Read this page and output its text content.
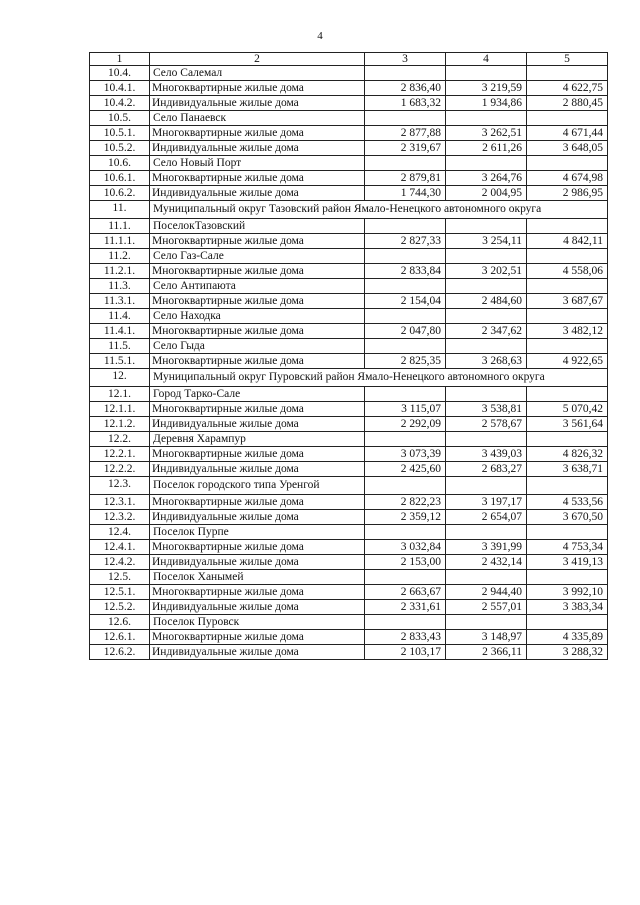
4
1	2	3	4	5
10.4.	Село Салемал			
10.4.1.	Многоквартирные жилые дома	2 836,40	3 219,59	4 622,75
10.4.2.	Индивидуальные жилые дома	1 683,32	1 934,86	2 880,45
10.5.	Село Панаевск			
10.5.1.	Многоквартирные жилые дома	2 877,88	3 262,51	4 671,44
10.5.2.	Индивидуальные жилые дома	2 319,67	2 611,26	3 648,05
10.6.	Село Новый Порт			
10.6.1.	Многоквартирные жилые дома	2 879,81	3 264,76	4 674,98
10.6.2.	Индивидуальные жилые дома	1 744,30	2 004,95	2 986,95
11.	Муниципальный округ Тазовский район Ямало-Ненецкого автономного округа			
11.1.	ПоселокТазовский			
11.1.1.	Многоквартирные жилые дома	2 827,33	3 254,11	4 842,11
11.2.	Село Газ-Сале			
11.2.1.	Многоквартирные жилые дома	2 833,84	3 202,51	4 558,06
11.3.	Село Антипаюта			
11.3.1.	Многоквартирные жилые дома	2 154,04	2 484,60	3 687,67
11.4.	Село Находка			
11.4.1.	Многоквартирные жилые дома	2 047,80	2 347,62	3 482,12
11.5.	Село Гыда			
11.5.1.	Многоквартирные жилые дома	2 825,35	3 268,63	4 922,65
12.	Муниципальный округ Пуровский район Ямало-Ненецкого автономного округа			
12.1.	Город Тарко-Сале			
12.1.1.	Многоквартирные жилые дома	3 115,07	3 538,81	5 070,42
12.1.2.	Индивидуальные жилые дома	2 292,09	2 578,67	3 561,64
12.2.	Деревня Харампур			
12.2.1.	Многоквартирные жилые дома	3 073,39	3 439,03	4 826,32
12.2.2.	Индивидуальные жилые дома	2 425,60	2 683,27	3 638,71
12.3.	Поселок городского типа Уренгой			
12.3.1.	Многоквартирные жилые дома	2 822,23	3 197,17	4 533,56
12.3.2.	Индивидуальные жилые дома	2 359,12	2 654,07	3 670,50
12.4.	Поселок Пурпе			
12.4.1.	Многоквартирные жилые дома	3 032,84	3 391,99	4 753,34
12.4.2.	Индивидуальные жилые дома	2 153,00	2 432,14	3 419,13
12.5.	Поселок Ханымей			
12.5.1.	Многоквартирные жилые дома	2 663,67	2 944,40	3 992,10
12.5.2.	Индивидуальные жилые дома	2 331,61	2 557,01	3 383,34
12.6.	Поселок Пуровск			
12.6.1.	Многоквартирные жилые дома	2 833,43	3 148,97	4 335,89
12.6.2.	Индивидуальные жилые дома	2 103,17	2 366,11	3 288,32
